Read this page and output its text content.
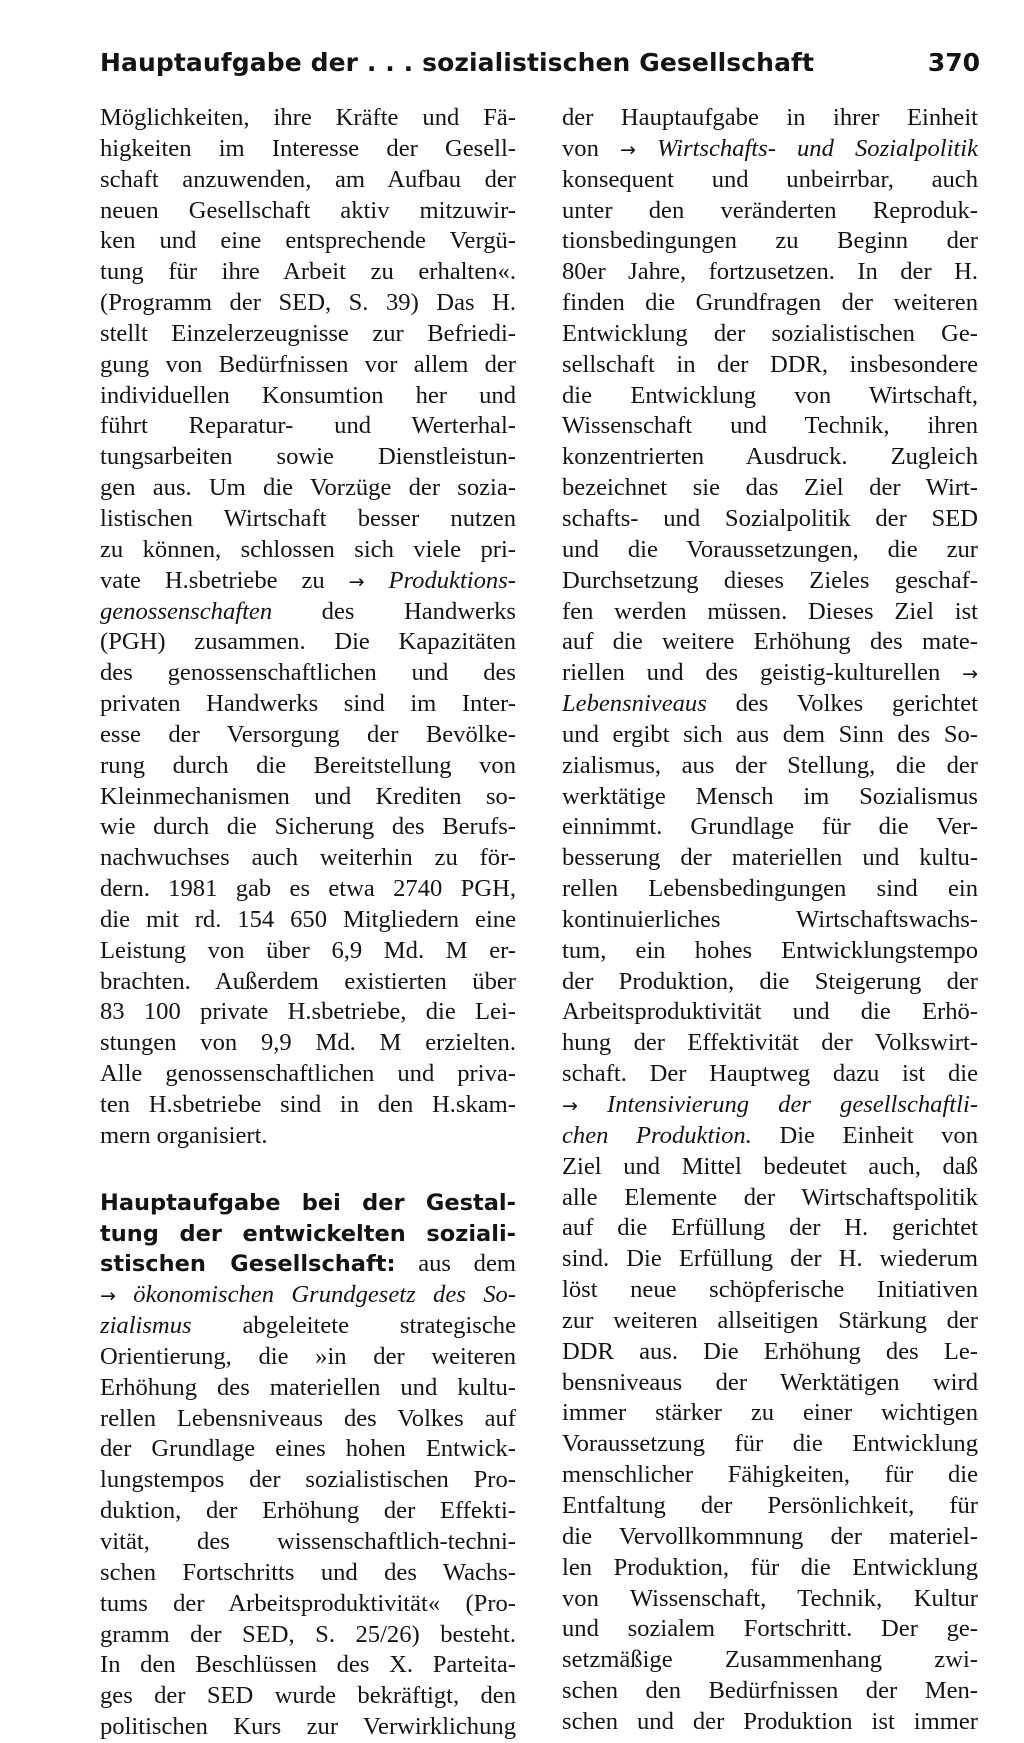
Hauptaufgabe der . . . sozialistischen Gesellschaft	370
Möglichkeiten, ihre Kräfte und Fä-
higkeiten im Interesse der Gesell-
schaft anzuwenden, am Aufbau der
neuen Gesellschaft aktiv mitzuwir-
ken und eine entsprechende Vergü-
tung für ihre Arbeit zu erhalten«.
(Programm der SED, S. 39) Das H.
stellt Einzelerzeugnisse zur Befriedi-
gung von Bedürfnissen vor allem der
individuellen Konsumtion her und
führt Reparatur- und Werterhal-
tungsarbeiten sowie Dienstleistun-
gen aus. Um die Vorzüge der sozia-
listischen Wirtschaft besser nutzen
zu können, schlossen sich viele pri-
vate H.sbetriebe zu → Produktions-
genossenschaften des Handwerks
(PGH) zusammen. Die Kapazitäten
des genossenschaftlichen und des
privaten Handwerks sind im Inter-
esse der Versorgung der Bevölke-
rung durch die Bereitstellung von
Kleinmechanismen und Krediten so-
wie durch die Sicherung des Berufs-
nachwuchses auch weiterhin zu för-
dern. 1981 gab es etwa 2740 PGH,
die mit rd. 154 650 Mitgliedern eine
Leistung von über 6,9 Md. M er-
brachten. Außerdem existierten über
83 100 private H.sbetriebe, die Lei-
stungen von 9,9 Md. M erzielten.
Alle genossenschaftlichen und priva-
ten H.sbetriebe sind in den H.skam-
mern organisiert.
Hauptaufgabe bei der Gestal-
tung der entwickelten soziali-
stischen Gesellschaft: aus dem
→ ökonomischen Grundgesetz des So-
zialismus abgeleitete strategische
Orientierung, die »in der weiteren
Erhöhung des materiellen und kultu-
rellen Lebensniveaus des Volkes auf
der Grundlage eines hohen Entwick-
lungstempos der sozialistischen Pro-
duktion, der Erhöhung der Effekti-
vität, des wissenschaftlich-techni-
schen Fortschritts und des Wachs-
tums der Arbeitsproduktivität« (Pro-
gramm der SED, S. 25/26) besteht.
In den Beschlüssen des X. Parteita-
ges der SED wurde bekräftigt, den
politischen Kurs zur Verwirklichung
der Hauptaufgabe in ihrer Einheit
von → Wirtschafts- und Sozialpolitik
konsequent und unbeirrbar, auch
unter den veränderten Reproduk-
tionsbedingungen zu Beginn der
80er Jahre, fortzusetzen. In der H.
finden die Grundfragen der weiteren
Entwicklung der sozialistischen Ge-
sellschaft in der DDR, insbesondere
die Entwicklung von Wirtschaft,
Wissenschaft und Technik, ihren
konzentrierten Ausdruck. Zugleich
bezeichnet sie das Ziel der Wirt-
schafts- und Sozialpolitik der SED
und die Voraussetzungen, die zur
Durchsetzung dieses Zieles geschaf-
fen werden müssen. Dieses Ziel ist
auf die weitere Erhöhung des mate-
riellen und des geistig-kulturellen →
Lebensniveaus des Volkes gerichtet
und ergibt sich aus dem Sinn des So-
zialismus, aus der Stellung, die der
werktätige Mensch im Sozialismus
einnimmt. Grundlage für die Ver-
besserung der materiellen und kultu-
rellen Lebensbedingungen sind ein
kontinuierliches Wirtschaftswachs-
tum, ein hohes Entwicklungstempo
der Produktion, die Steigerung der
Arbeitsproduktivität und die Erhö-
hung der Effektivität der Volkswirt-
schaft. Der Hauptweg dazu ist die
→ Intensivierung der gesellschaftli-
chen Produktion. Die Einheit von
Ziel und Mittel bedeutet auch, daß
alle Elemente der Wirtschaftspolitik
auf die Erfüllung der H. gerichtet
sind. Die Erfüllung der H. wiederum
löst neue schöpferische Initiativen
zur weiteren allseitigen Stärkung der
DDR aus. Die Erhöhung des Le-
bensniveaus der Werktätigen wird
immer stärker zu einer wichtigen
Voraussetzung für die Entwicklung
menschlicher Fähigkeiten, für die
Entfaltung der Persönlichkeit, für
die Vervollkommnung der materiel-
len Produktion, für die Entwicklung
von Wissenschaft, Technik, Kultur
und sozialem Fortschritt. Der ge-
setzmäßige Zusammenhang zwi-
schen den Bedürfnissen der Men-
schen und der Produktion ist immer
